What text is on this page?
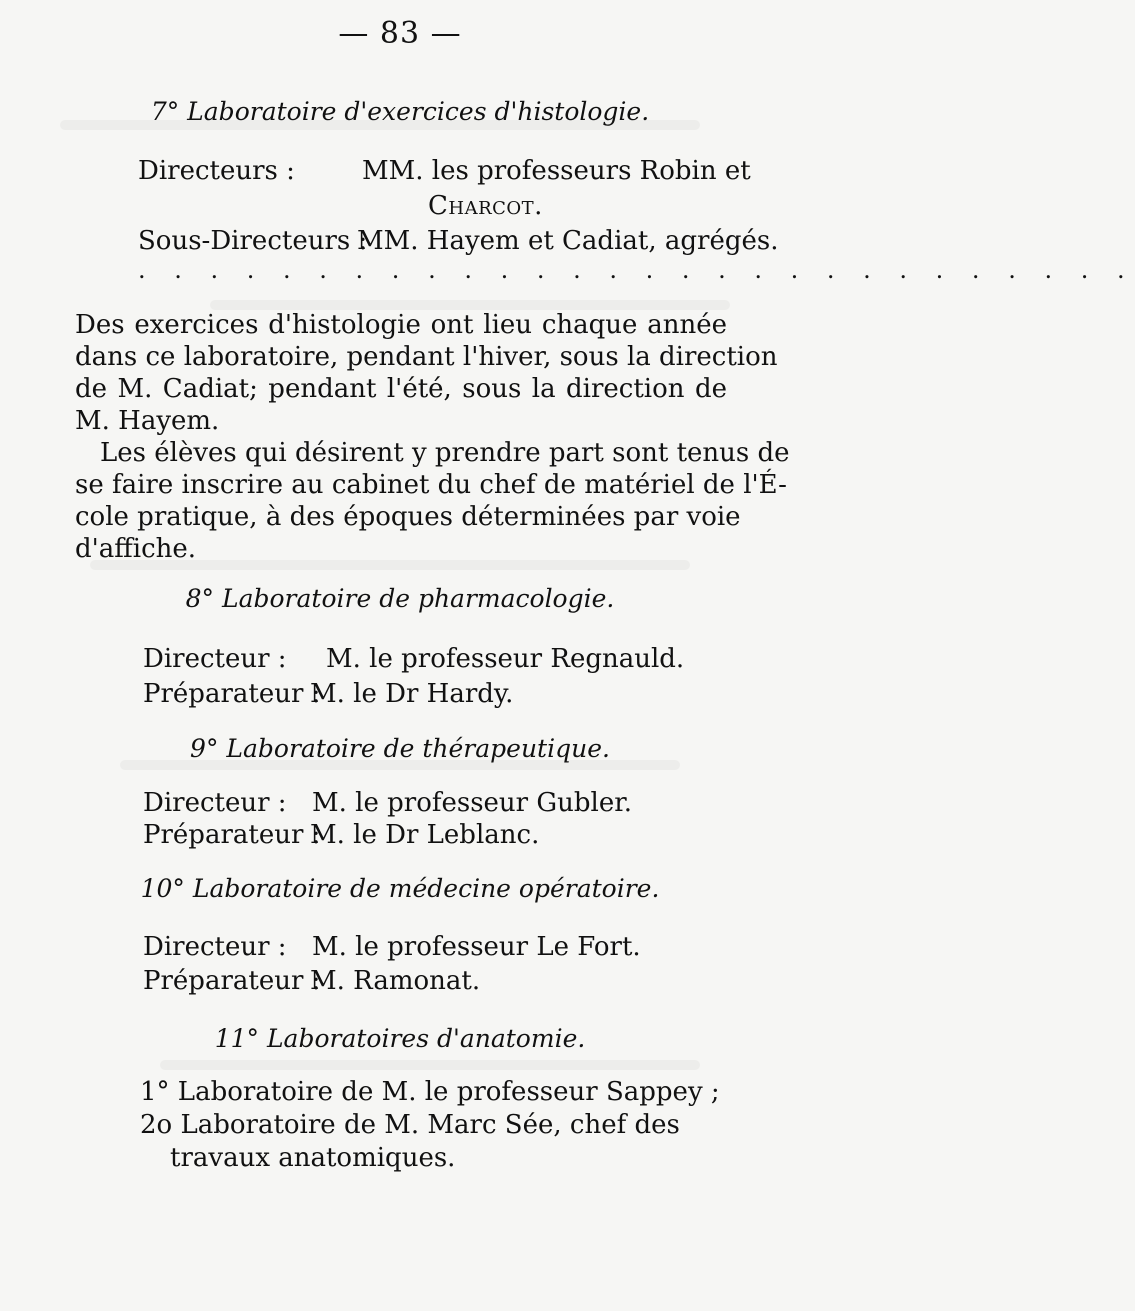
— 83 —
7° Laboratoire d'exercices d'histologie.
Directeurs :	MM. les professeurs Robin et
Charcot.
Sous-Directeurs :
MM. Hayem et Cadiat, agrégés.
. . . . . . . . . . . . . . . . . . . . . . . . . . . .
Des exercices d'histologie ont lieu chaque année
dans ce laboratoire, pendant l'hiver, sous la direction
de M. Cadiat; pendant l'été, sous la direction de
M. Hayem.
Les élèves qui désirent y prendre part sont tenus de
se faire inscrire au cabinet du chef de matériel de l'É-
cole pratique, à des époques déterminées par voie
d'affiche.
8° Laboratoire de pharmacologie.
Directeur : M. le professeur Regnauld.
Préparateur :
M. le Dr Hardy.
9° Laboratoire de thérapeutique.
Directeur : M. le professeur Gubler.
Préparateur :
M. le Dr Leblanc.
10° Laboratoire de médecine opératoire.
Directeur : M. le professeur Le Fort.
Préparateur :
M. Ramonat.
11° Laboratoires d'anatomie.
1° Laboratoire de M. le professeur Sappey ;
2o Laboratoire de M. Marc Sée, chef des
travaux anatomiques.
